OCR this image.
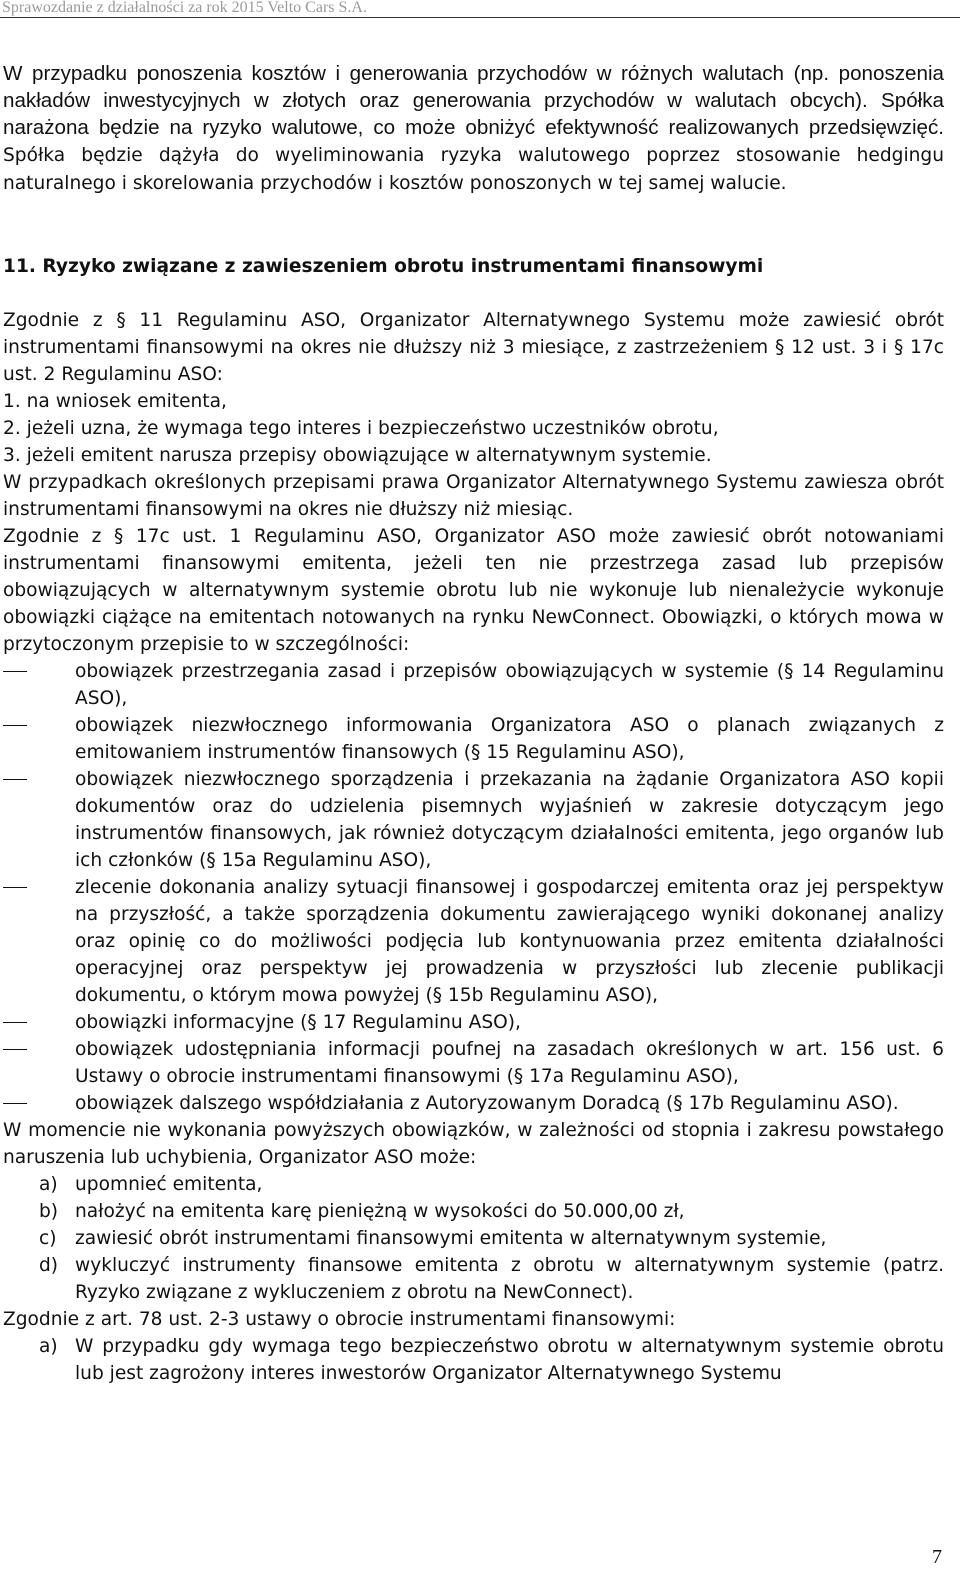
Sprawozdanie z działalności za rok 2015 Velto Cars S.A.
W przypadku ponoszenia kosztów i generowania przychodów w różnych walutach (np. ponoszenia nakładów inwestycyjnych w złotych oraz generowania przychodów w walutach obcych). Spółka narażona będzie na ryzyko walutowe, co może obniżyć efektywność realizowanych przedsięwzięć. Spółka będzie dążyła do wyeliminowania ryzyka walutowego poprzez stosowanie hedgingu naturalnego i skorelowania przychodów i kosztów ponoszonych w tej samej walucie.
11. Ryzyko związane z zawieszeniem obrotu instrumentami finansowymi

Zgodnie z § 11 Regulaminu ASO, Organizator Alternatywnego Systemu może zawiesić obrót instrumentami finansowymi na okres nie dłuższy niż 3 miesiące, z zastrzeżeniem § 12 ust. 3 i § 17c ust. 2 Regulaminu ASO:

1. na wniosek emitenta,
2. jeżeli uzna, że wymaga tego interes i bezpieczeństwo uczestników obrotu,
3. jeżeli emitent narusza przepisy obowiązujące w alternatywnym systemie.

W przypadkach określonych przepisami prawa Organizator Alternatywnego Systemu zawiesza obrót instrumentami finansowymi na okres nie dłuższy niż miesiąc.

Zgodnie z § 17c ust. 1 Regulaminu ASO, Organizator ASO może zawiesić obrót notowaniami instrumentami finansowymi emitenta, jeżeli ten nie przestrzega zasad lub przepisów obowiązujących w alternatywnym systemie obrotu lub nie wykonuje lub nienależycie wykonuje obowiązki ciążące na emitentach notowanych na rynku NewConnect. Obowiązki, o których mowa w przytoczonym przepisie to w szczególności:

obowiązek przestrzegania zasad i przepisów obowiązujących w systemie (§ 14 Regulaminu ASO),
obowiązek niezwłocznego informowania Organizatora ASO o planach związanych z emitowaniem instrumentów finansowych (§ 15 Regulaminu ASO),
obowiązek niezwłocznego sporządzenia i przekazania na żądanie Organizatora ASO kopii dokumentów oraz do udzielenia pisemnych wyjaśnień w zakresie dotyczącym jego instrumentów finansowych, jak również dotyczącym działalności emitenta, jego organów lub ich członków (§ 15a Regulaminu ASO),
zlecenie dokonania analizy sytuacji finansowej i gospodarczej emitenta oraz jej perspektyw na przyszłość, a także sporządzenia dokumentu zawierającego wyniki dokonanej analizy oraz opinię co do możliwości podjęcia lub kontynuowania przez emitenta działalności operacyjnej oraz perspektyw jej prowadzenia w przyszłości lub zlecenie publikacji dokumentu, o którym mowa powyżej (§ 15b Regulaminu ASO),
obowiązki informacyjne (§ 17 Regulaminu ASO),
obowiązek udostępniania informacji poufnej na zasadach określonych w art. 156 ust. 6 Ustawy o obrocie instrumentami finansowymi (§ 17a Regulaminu ASO),
obowiązek dalszego współdziałania z Autoryzowanym Doradcą (§ 17b Regulaminu ASO).

W momencie nie wykonania powyższych obowiązków, w zależności od stopnia i zakresu powstałego naruszenia lub uchybienia, Organizator ASO może:

a) upomnieć emitenta,
b) nałożyć na emitenta karę pieniężną w wysokości do 50.000,00 zł,
c) zawiesić obrót instrumentami finansowymi emitenta w alternatywnym systemie,
d) wykluczyć instrumenty finansowe emitenta z obrotu w alternatywnym systemie (patrz. Ryzyko związane z wykluczeniem z obrotu na NewConnect).

Zgodnie z art. 78 ust. 2-3 ustawy o obrocie instrumentami finansowymi:

a) W przypadku gdy wymaga tego bezpieczeństwo obrotu w alternatywnym systemie obrotu lub jest zagrożony interes inwestorów Organizator Alternatywnego Systemu
7
